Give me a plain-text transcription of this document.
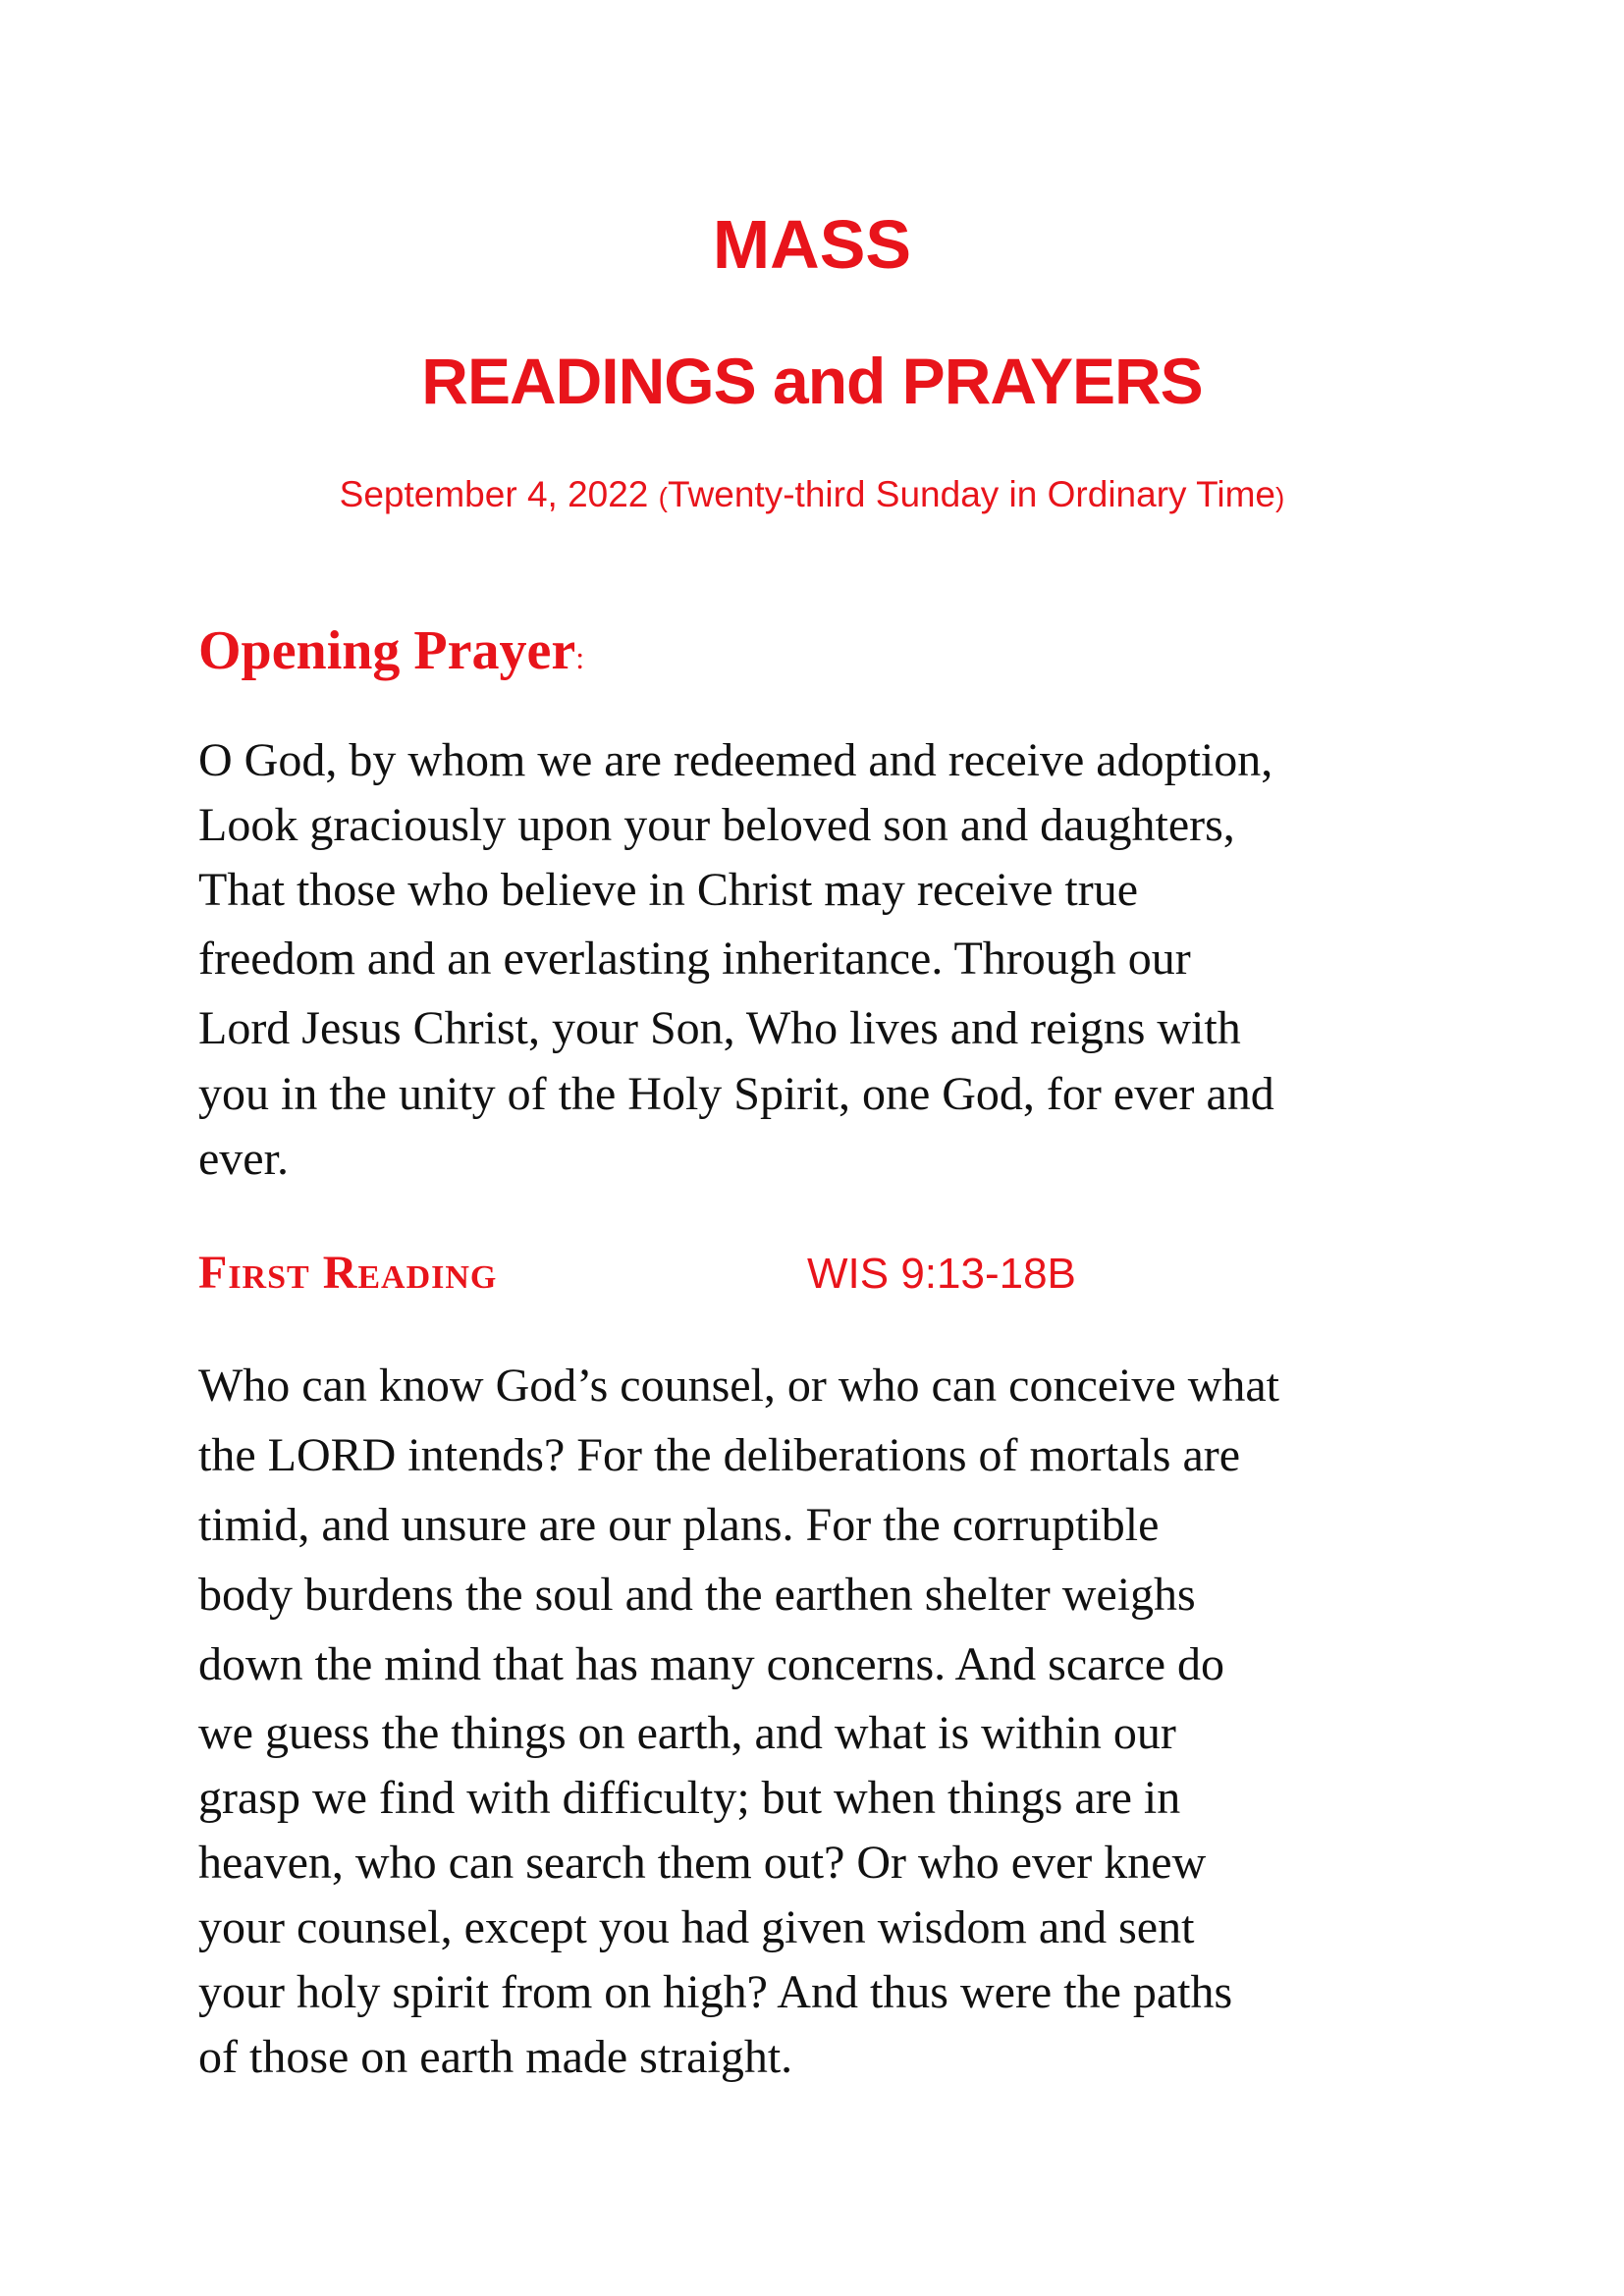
MASS
READINGS and PRAYERS

September 4, 2022 (Twenty-third Sunday in Ordinary Time)

Opening Prayer:
O God, by whom we are redeemed and receive adoption,
Look graciously upon your beloved son and daughters,
That those who believe in Christ may receive true
freedom and an everlasting inheritance. Through our
Lord Jesus Christ, your Son, Who lives and reigns with
you in the unity of the Holy Spirit, one God, for ever and
ever.
First Reading	WIS 9:13-18B

Who can know God’s counsel, or who can conceive what
the LORD intends? For the deliberations of mortals are
timid, and unsure are our plans. For the corruptible
body burdens the soul and the earthen shelter weighs
down the mind that has many concerns. And scarce do
we guess the things on earth, and what is within our
grasp we find with difficulty; but when things are in
heaven, who can search them out? Or who ever knew
your counsel, except you had given wisdom and sent
your holy spirit from on high? And thus were the paths
of those on earth made straight.
